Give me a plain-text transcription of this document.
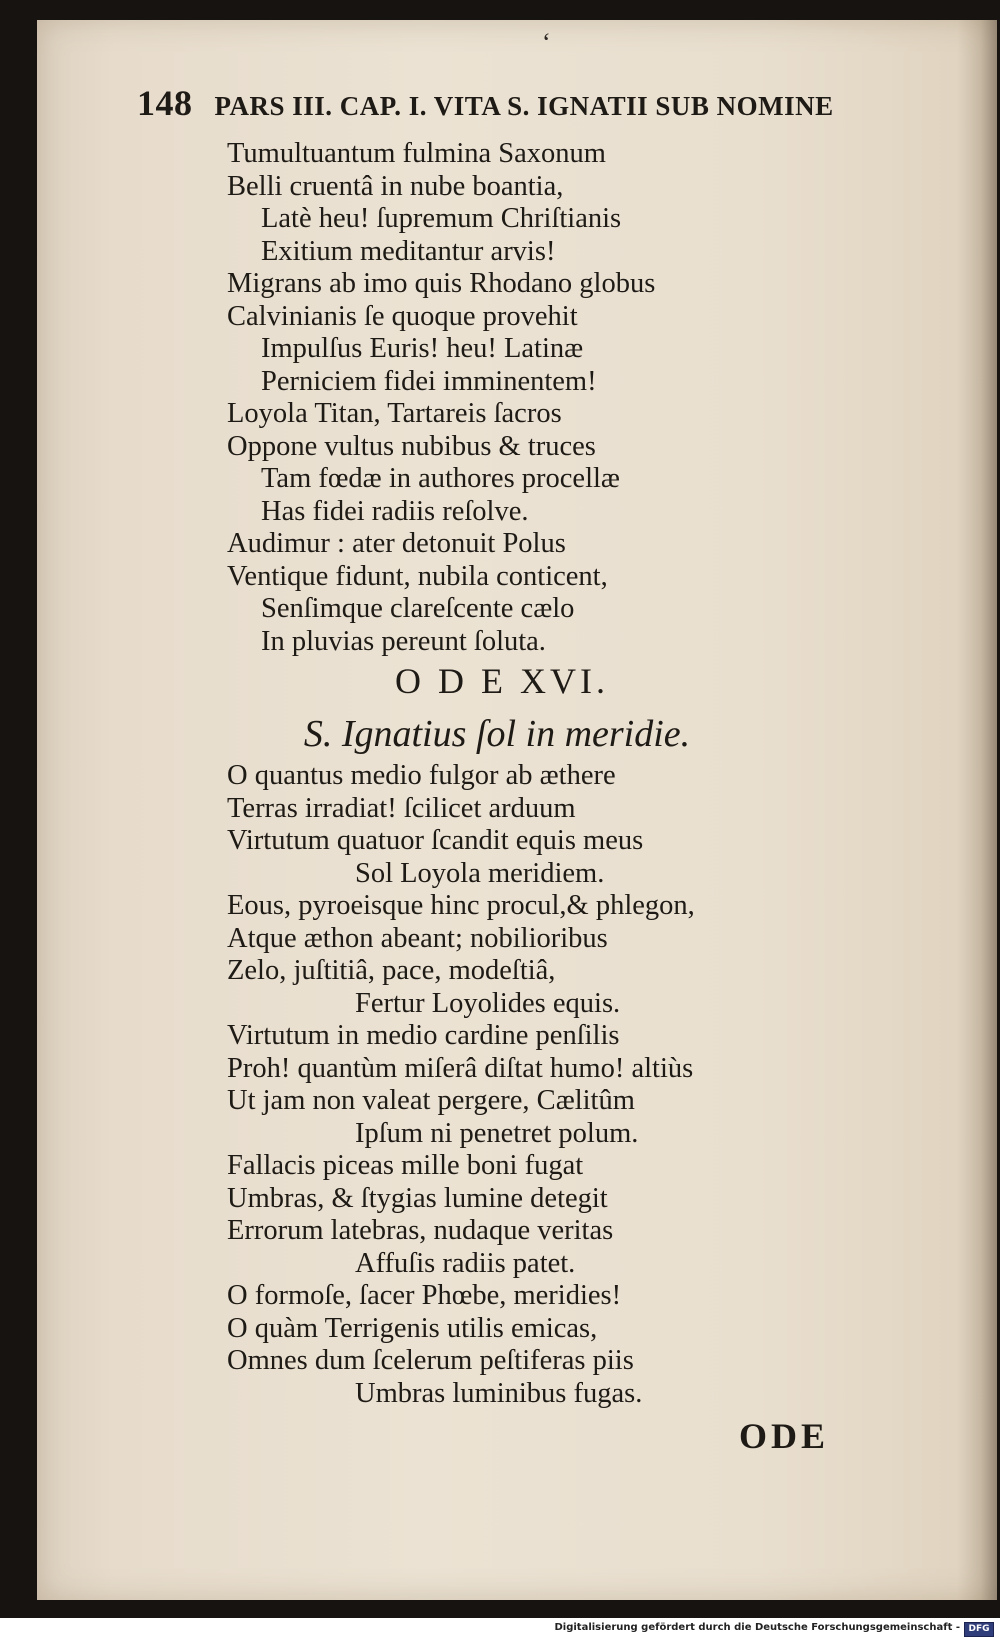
ʻ
148 PARS III. CAP. I. VITA S. IGNATII SUB NOMINE
Tumultuantum fulmina Saxonum
Belli cruentâ in nube boantia,
Latè heu! ſupremum Chriſtianis
Exitium meditantur arvis!
Migrans ab imo quis Rhodano globus
Calvinianis ſe quoque provehit
Impulſus Euris! heu! Latinæ
Perniciem fidei imminentem!
Loyola Titan, Tartareis ſacros
Oppone vultus nubibus & truces
Tam fœdæ in authores procellæ
Has fidei radiis reſolve.
Audimur : ater detonuit Polus
Ventique fidunt, nubila conticent,
Senſimque clareſcente cælo
In pluvias pereunt ſoluta.
O D E XVI.
S. Ignatius ſol in meridie.
O quantus medio fulgor ab æthere
Terras irradiat! ſcilicet arduum
Virtutum quatuor ſcandit equis meus
Sol Loyola meridiem.
Eous, pyroeisque hinc procul,& phlegon,
Atque æthon abeant; nobilioribus
Zelo, juſtitiâ, pace, modeſtiâ,
Fertur Loyolides equis.
Virtutum in medio cardine penſilis
Proh! quantùm miſerâ diſtat humo! altiùs
Ut jam non valeat pergere, Cælitûm
Ipſum ni penetret polum.
Fallacis piceas mille boni fugat
Umbras, & ſtygias lumine detegit
Errorum latebras, nudaque veritas
Affuſis radiis patet.
O formoſe, ſacer Phœbe, meridies!
O quàm Terrigenis utilis emicas,
Omnes dum ſcelerum peſtiferas piis
Umbras luminibus fugas.
ODE
Digitalisierung gefördert durch die Deutsche Forschungsgemeinschaft - DFG
